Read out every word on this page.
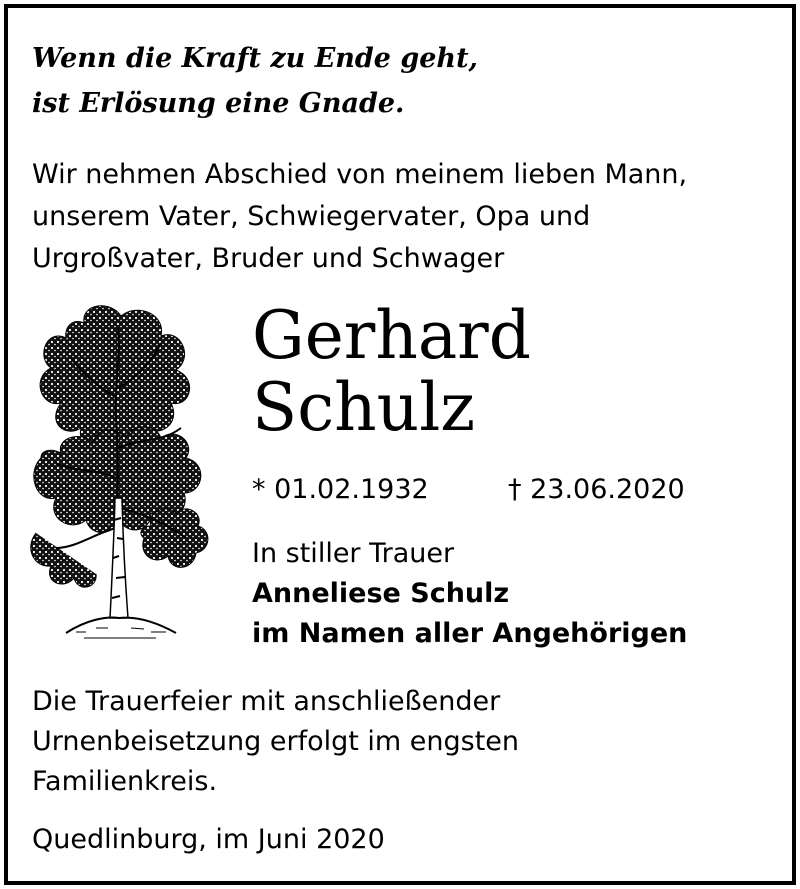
Wenn die Kraft zu Ende geht,
ist Erlösung eine Gnade.
Wir nehmen Abschied von meinem lieben Mann,
unserem Vater, Schwiegervater, Opa und
Urgroßvater, Bruder und Schwager
Gerhard
Schulz
* 01.02.1932	† 23.06.2020
In stiller Trauer
Anneliese Schulz
im Namen aller Angehörigen
Die Trauerfeier mit anschließender
Urnenbeisetzung erfolgt im engsten
Familienkreis.
Quedlinburg, im Juni 2020
